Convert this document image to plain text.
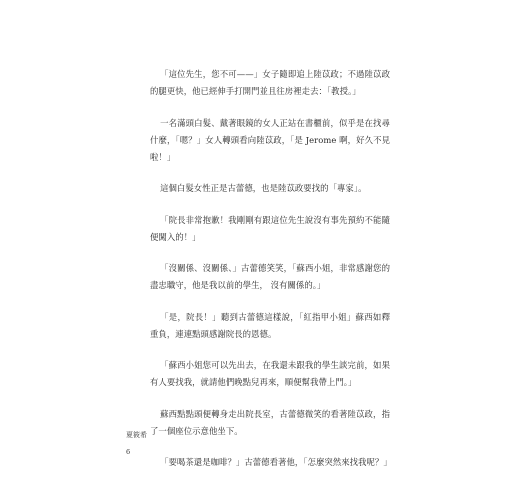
「這位先生，您不可——」女子隨即追上陸苡政；不過陸苡政的腿更快，他已經伸手打開門並且往房裡走去：「教授。」

一名滿頭白髮、戴著眼鏡的女人正站在書櫃前，似乎是在找尋什麼，「嗯？」女人轉頭看向陸苡政，「是 Jerome 啊，好久不見啦！」

這個白髮女性正是古蕾德，也是陸苡政要找的「專家」。

「院長非常抱歉！我剛剛有跟這位先生說沒有事先預約不能隨便闖入的！」

「沒關係、沒關係、」古蕾德笑笑，「蘇西小姐，非常感謝您的盡忠職守，他是我以前的學生， 沒有關係的。」

「是，院長！」聽到古蕾德這樣說，「紅指甲小姐」蘇西如釋重負，連連點頭感謝院長的恩德。

「蘇西小姐您可以先出去，在我還未跟我的學生談完前，如果有人要找我，就請他們晚點兒再來，順便幫我帶上門。」

蘇西點點頭便轉身走出院長室，古蕾德微笑的看著陸苡政，指了一個座位示意他坐下。

「要喝茶還是咖啡？」古蕾德看著他，「怎麼突然來找我呢？」

夏筱希
6
